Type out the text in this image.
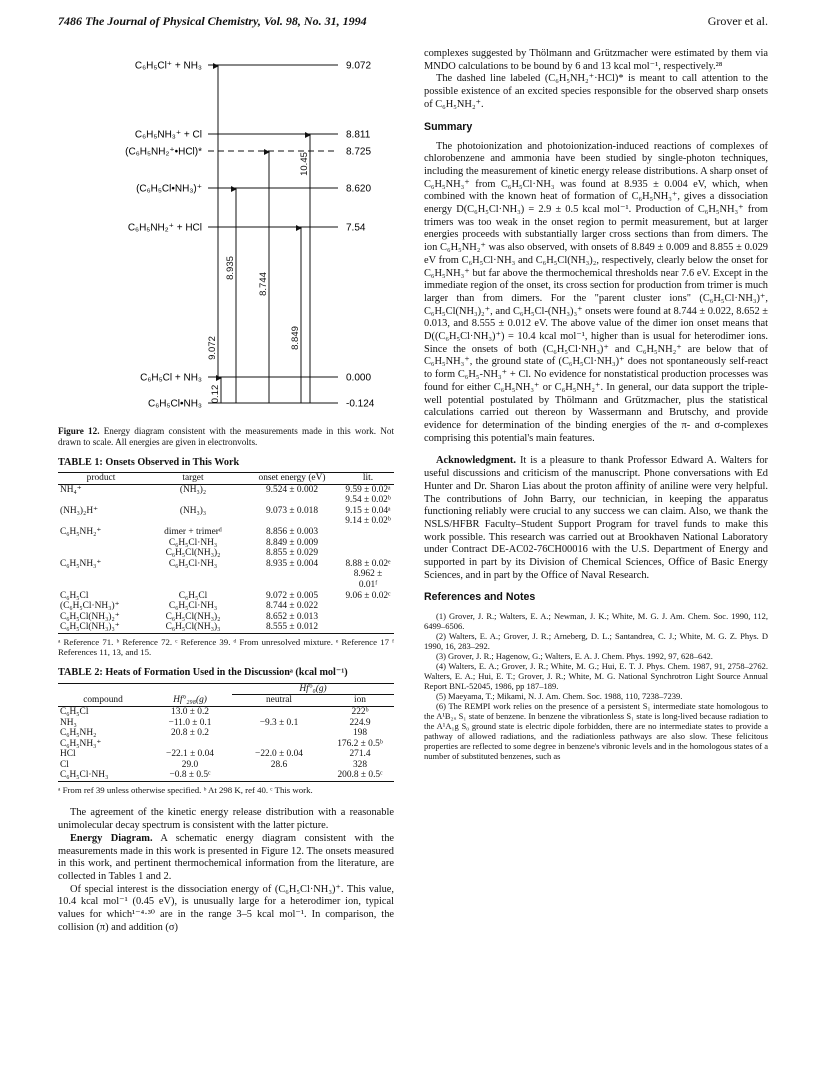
7486 The Journal of Physical Chemistry, Vol. 98, No. 31, 1994	Grover et al.
C₆H₅Cl⁺ + NH₃	9.072
C₆H₅NH₃⁺ + Cl	8.811
(C₆H₅NH₂⁺•HCl)*	8.725
(C₆H₅Cl•NH₃)⁺	8.620
C₆H₅NH₂⁺ + HCl	7.54
C₆H₅Cl + NH₃	0.000
C₆H₅Cl•NH₃	-0.124
10.45
8.935
8.744
9.072	8.849
0.12

Figure 12. Energy diagram consistent with the measurements made in this work. Not drawn to scale. All energies are given in electronvolts.

TABLE 1: Onsets Observed in This Work
product	target	onset energy (eV)	lit.
NH₄⁺	(NH₃)₂	9.524 ± 0.002	9.59 ± 0.02ᵃ
			9.54 ± 0.02ᵇ
(NH₃)₂H⁺	(NH₃)₃	9.073 ± 0.018	9.15 ± 0.04ᵃ
			9.14 ± 0.02ᵇ
C₆H₅NH₂⁺	dimer + trimerᵈ	8.856 ± 0.003	
	C₆H₅Cl·NH₃	8.849 ± 0.009	
	C₆H₅Cl(NH₃)₂	8.855 ± 0.029	
C₆H₅NH₃⁺	C₆H₅Cl·NH₃	8.935 ± 0.004	8.88 ± 0.02ᵉ
			8.962 ± 0.01ᶠ
C₆H₅Cl	C₆H₅Cl	9.072 ± 0.005	9.06 ± 0.02ᶜ
(C₆H₅Cl·NH₃)⁺	C₆H₅Cl·NH₃	8.744 ± 0.022	
C₆H₅Cl(NH₃)₂⁺	C₆H₅Cl(NH₃)₂	8.652 ± 0.013	
C₆H₅Cl(NH₃)₃⁺	C₆H₅Cl(NH₃)₃	8.555 ± 0.012	

ᵃ Reference 71. ᵇ Reference 72. ᶜ Reference 39. ᵈ From unresolved mixture. ᵉ Reference 17 ᶠ References 11, 13, and 15.

TABLE 2: Heats of Formation Used in the Discussionᵃ (kcal mol⁻¹)
		Hf°₀(g)	
compound	Hf°₂₉₈(g)	neutral	ion
C₆H₅Cl	13.0 ± 0.2		222ᵇ
NH₃	−11.0 ± 0.1	−9.3 ± 0.1	224.9
C₆H₅NH₂	20.8 ± 0.2		198
C₆H₅NH₃⁺			176.2 ± 0.5ᵇ
HCl	−22.1 ± 0.04	−22.0 ± 0.04	271.4
Cl	29.0	28.6	328
C₆H₅Cl·NH₃	−0.8 ± 0.5ᶜ		200.8 ± 0.5ᶜ

ᵃ From ref 39 unless otherwise specified. ᵇ At 298 K, ref 40. ᶜ This work.

The agreement of the kinetic energy release distribution with a reasonable unimolecular decay spectrum is consistent with the latter picture.

Energy Diagram. A schematic energy diagram consistent with the measurements made in this work is presented in Figure 12. The onsets measured in this work, and pertinent thermochemical information from the literature, are collected in Tables 1 and 2.

Of special interest is the dissociation energy of (C₆H₅Cl·NH₃)⁺. This value, 10.4 kcal mol⁻¹ (0.45 eV), is unusually large for a heterodimer ion, typical values for which¹⁻⁴·³⁰ are in the range 3–5 kcal mol⁻¹. In comparison, the collision (π) and addition (σ)

complexes suggested by Thölmann and Grützmacher were estimated by them via MNDO calculations to be bound by 6 and 13 kcal mol⁻¹, respectively.²⁸

The dashed line labeled (C₆H₅NH₂⁺·HCl)* is meant to call attention to the possible existence of an excited species responsible for the observed sharp onsets of C₆H₅NH₂⁺.

Summary

The photoionization and photoionization-induced reactions of complexes of chlorobenzene and ammonia have been studied by single-photon techniques, including the measurement of kinetic energy release distributions. A sharp onset of C₆H₅NH₃⁺ from C₆H₅Cl·NH₃ was found at 8.935 ± 0.004 eV, which, when combined with the known heat of formation of C₆H₅NH₃⁺, gives a dissociation energy D(C₆H₅Cl·NH₃) = 2.9 ± 0.5 kcal mol⁻¹. Production of C₆H₅NH₃⁺ from trimers was too weak in the onset region to permit measurement, but at larger energies proceeds with substantially larger cross sections than from dimers. The ion C₆H₅NH₂⁺ was also observed, with onsets of 8.849 ± 0.009 and 8.855 ± 0.029 eV from C₆H₅Cl·NH₃ and C₆H₅Cl(NH₃)₂, respectively, clearly below the onset for C₆H₅NH₃⁺ but far above the thermochemical thresholds near 7.6 eV. Except in the immediate region of the onset, its cross section for production from trimer is much larger than from dimers. For the "parent cluster ions" (C₆H₅Cl·NH₃)⁺, C₆H₅Cl(NH₃)₂⁺, and C₆H₅Cl-(NH₃)₃⁺ onsets were found at 8.744 ± 0.022, 8.652 ± 0.013, and 8.555 ± 0.012 eV. The above value of the dimer ion onset means that D((C₆H₅Cl·NH₃)⁺) = 10.4 kcal mol⁻¹, higher than is usual for heterodimer ions. Since the onsets of both (C₆H₅Cl·NH₃)⁺ and C₆H₅NH₂⁺ are below that of C₆H₅NH₃⁺, the ground state of (C₆H₅Cl·NH₃)⁺ does not spontaneously self-react to form C₆H₅-NH₃⁺ + Cl. No evidence for nonstatistical production processes was found for either C₆H₅NH₃⁺ or C₆H₅NH₂⁺. In general, our data support the triple-well potential postulated by Thölmann and Grützmacher, plus the statistical calculations carried out thereon by Wassermann and Brutschy, and provide evidence for determination of the binding energies of the π- and σ-complexes comprising this potential's main features.

Acknowledgment. It is a pleasure to thank Professor Edward A. Walters for useful discussions and criticism of the manuscript. Phone conversations with Ed Hunter and Dr. Sharon Lias about the proton affinity of aniline were very helpful. The contributions of John Barry, our technician, in keeping the apparatus functioning reliably were crucial to any success we can claim. Also, we thank the NSLS/HFBR Faculty–Student Support Program for travel funds to make this work possible. This research was carried out at Brookhaven National Laboratory under Contract DE-AC02-76CH00016 with the U.S. Department of Energy and supported in part by its Division of Chemical Sciences, Office of Basic Energy Sciences, and in part by the Office of Naval Research.

References and Notes

(1) Grover, J. R.; Walters, E. A.; Newman, J. K.; White, M. G. J. Am. Chem. Soc. 1990, 112, 6499–6506.

(2) Walters, E. A.; Grover, J. R.; Arneberg, D. L.; Santandrea, C. J.; White, M. G. Z. Phys. D 1990, 16, 283–292.

(3) Grover, J. R.; Hagenow, G.; Walters, E. A. J. Chem. Phys. 1992, 97, 628–642.

(4) Walters, E. A.; Grover, J. R.; White, M. G.; Hui, E. T. J. Phys. Chem. 1987, 91, 2758–2762. Walters, E. A.; Hui, E. T.; Grover, J. R.; White, M. G. National Synchrotron Light Source Annual Report BNL-52045, 1986, pp 187–189.

(5) Maeyama, T.; Mikami, N. J. Am. Chem. Soc. 1988, 110, 7238–7239.

(6) The REMPI work relies on the presence of a persistent S₁ intermediate state homologous to the A¹B₂ᵤ S₁ state of benzene. In benzene the vibrationless S₁ state is long-lived because radiation to the A¹A₁g S₀ ground state is electric dipole forbidden, there are no intermediate states to provide a pathway of allowed radiations, and the radiationless pathways are also slow. These felicitous properties are reflected to some degree in benzene's vibronic levels and in the homologous states of a number of substituted benzenes, such as
